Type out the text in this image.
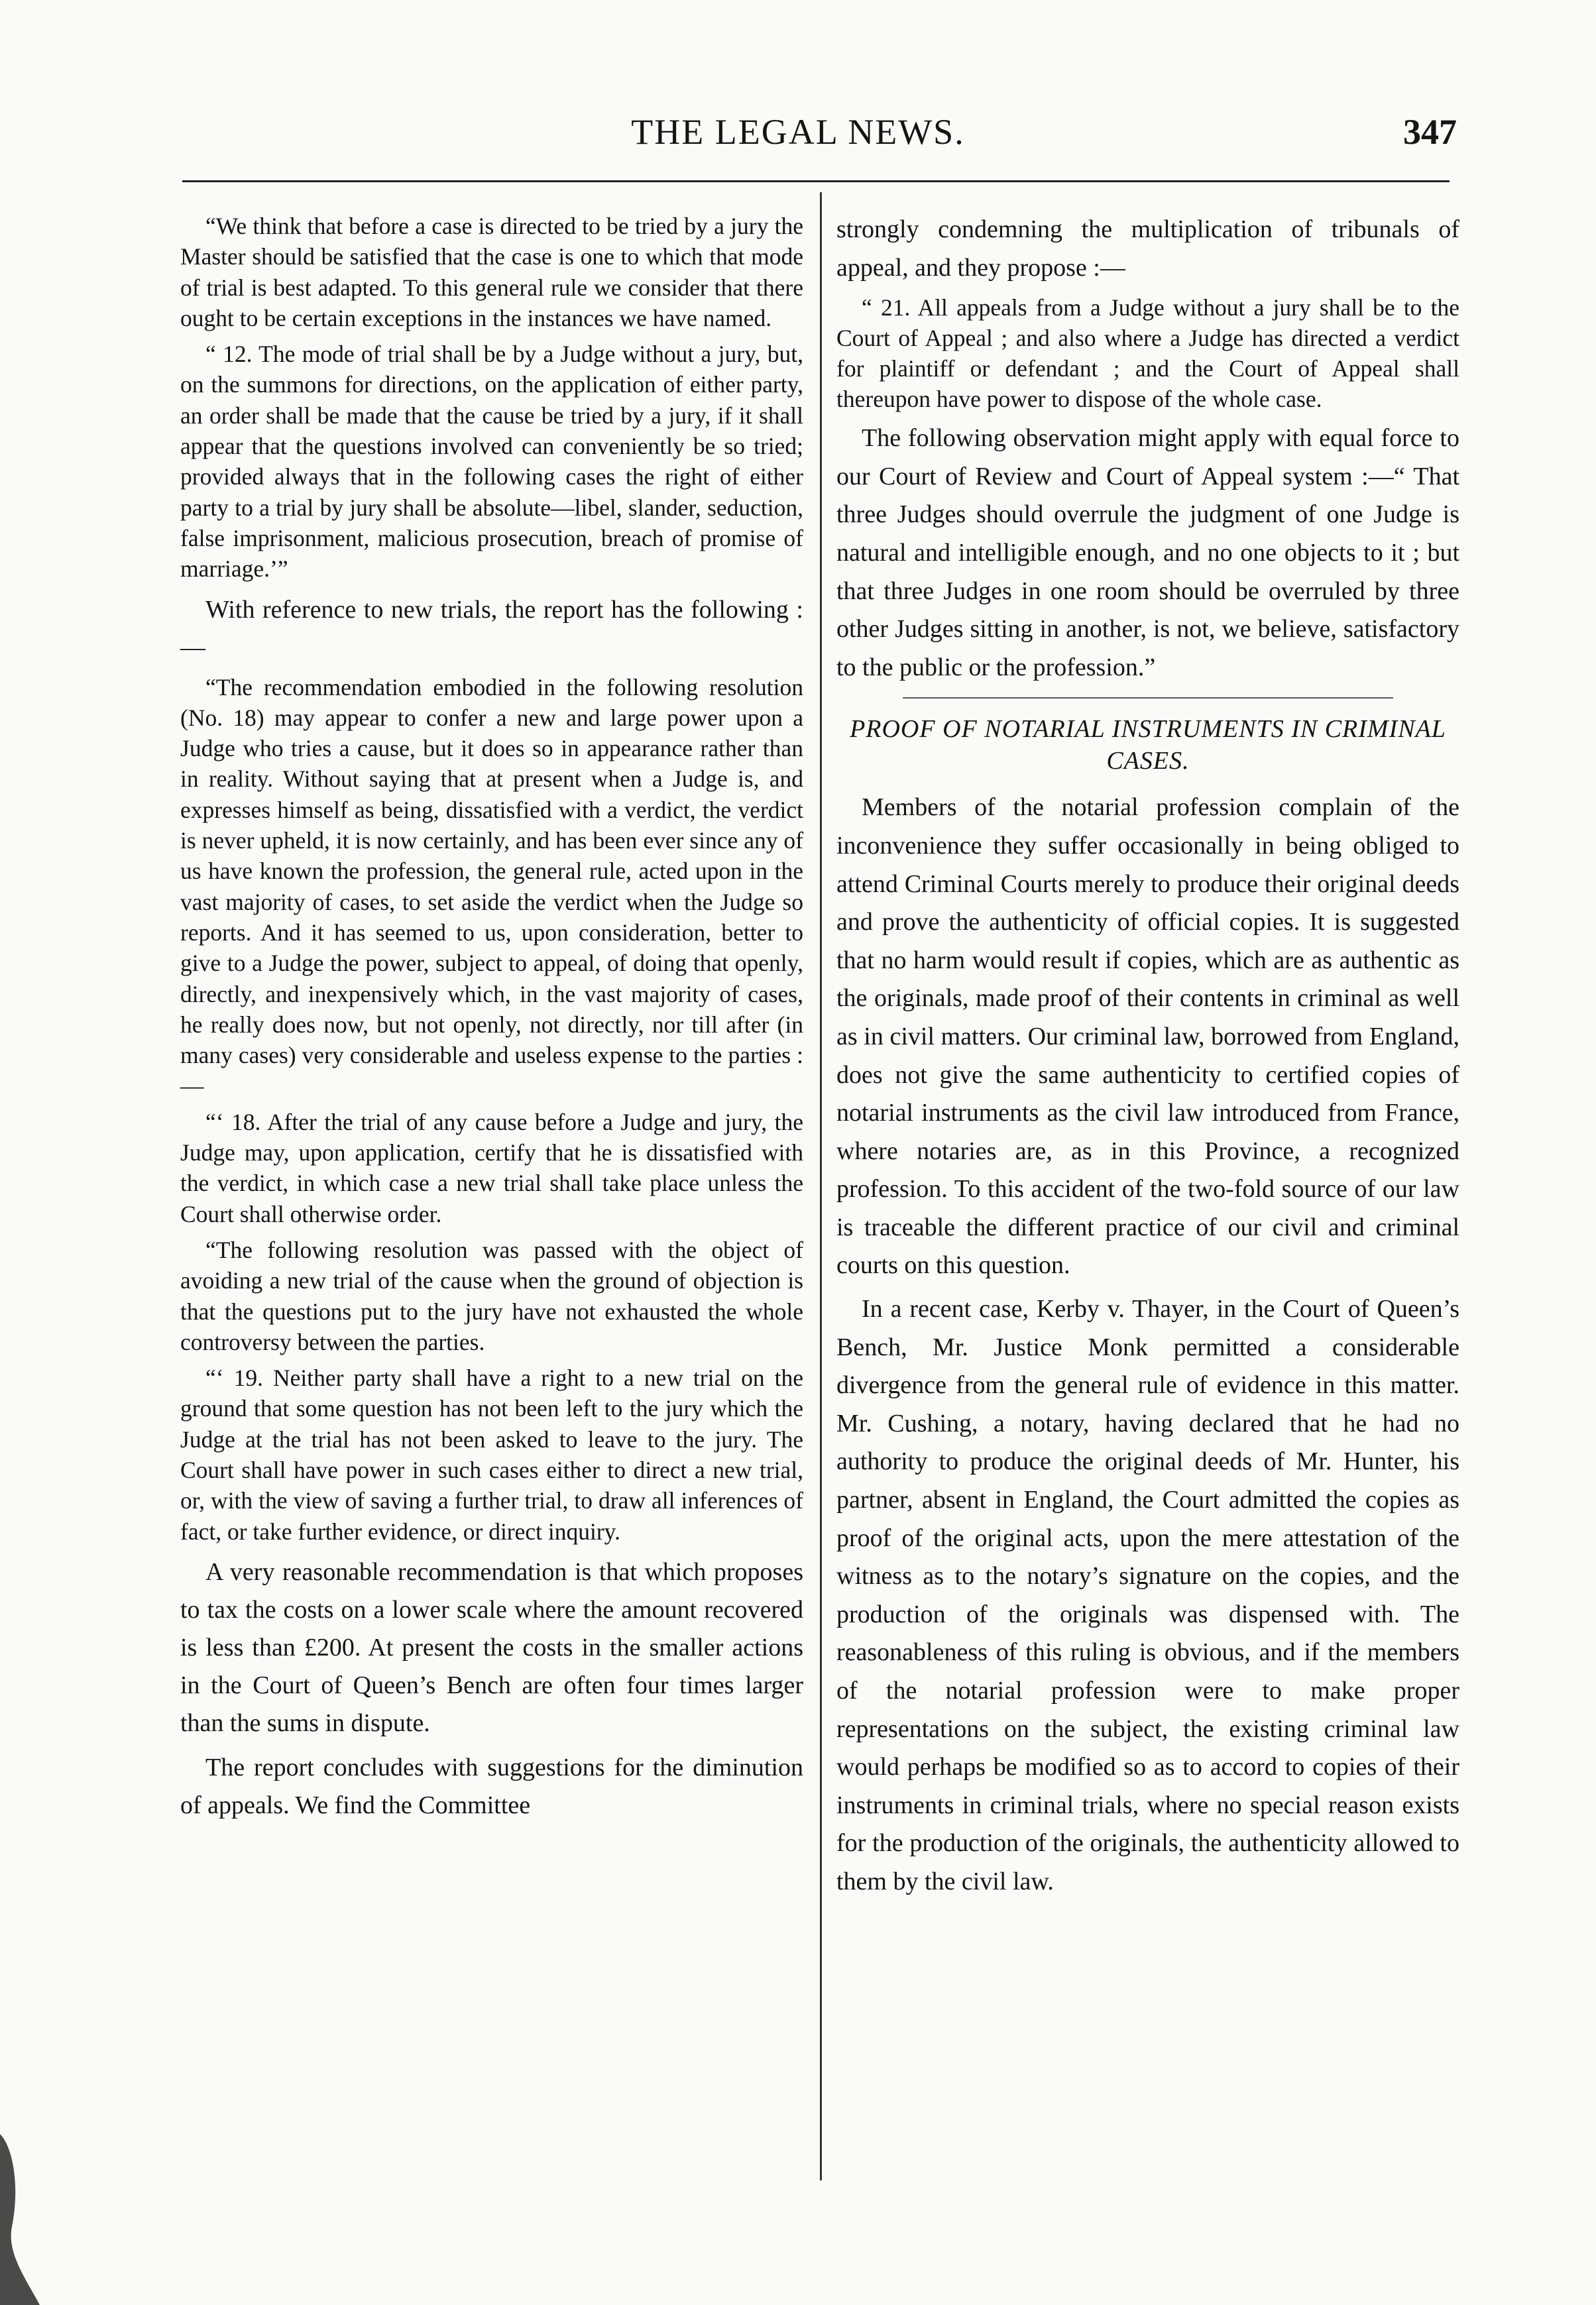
THE LEGAL NEWS.	347

“We think that before a case is directed to be tried by a jury the Master should be satisfied that the case is one to which that mode of trial is best adapted. To this general rule we consider that there ought to be certain exceptions in the instances we have named.

“ 12. The mode of trial shall be by a Judge without a jury, but, on the summons for directions, on the application of either party, an order shall be made that the cause be tried by a jury, if it shall appear that the questions involved can conveniently be so tried; provided always that in the following cases the right of either party to a trial by jury shall be absolute—libel, slander, seduction, false imprisonment, malicious prosecution, breach of promise of marriage.’”

With reference to new trials, the report has the following :—

“The recommendation embodied in the following resolution (No. 18) may appear to confer a new and large power upon a Judge who tries a cause, but it does so in appearance rather than in reality. Without saying that at present when a Judge is, and expresses himself as being, dissatisfied with a verdict, the verdict is never upheld, it is now certainly, and has been ever since any of us have known the profession, the general rule, acted upon in the vast majority of cases, to set aside the verdict when the Judge so reports. And it has seemed to us, upon consideration, better to give to a Judge the power, subject to appeal, of doing that openly, directly, and inexpensively which, in the vast majority of cases, he really does now, but not openly, not directly, nor till after (in many cases) very considerable and useless expense to the parties :—

“‘ 18. After the trial of any cause before a Judge and jury, the Judge may, upon application, certify that he is dissatisfied with the verdict, in which case a new trial shall take place unless the Court shall otherwise order.

“The following resolution was passed with the object of avoiding a new trial of the cause when the ground of objection is that the questions put to the jury have not exhausted the whole controversy between the parties.

“‘ 19. Neither party shall have a right to a new trial on the ground that some question has not been left to the jury which the Judge at the trial has not been asked to leave to the jury. The Court shall have power in such cases either to direct a new trial, or, with the view of saving a further trial, to draw all inferences of fact, or take further evidence, or direct inquiry.

A very reasonable recommendation is that which proposes to tax the costs on a lower scale where the amount recovered is less than £200. At present the costs in the smaller actions in the Court of Queen’s Bench are often four times larger than the sums in dispute.

The report concludes with suggestions for the diminution of appeals. We find the Committee

strongly condemning the multiplication of tribunals of appeal, and they propose :—

“ 21. All appeals from a Judge without a jury shall be to the Court of Appeal ; and also where a Judge has directed a verdict for plaintiff or defendant ; and the Court of Appeal shall thereupon have power to dispose of the whole case.

The following observation might apply with equal force to our Court of Review and Court of Appeal system :—“ That three Judges should overrule the judgment of one Judge is natural and intelligible enough, and no one objects to it ; but that three Judges in one room should be overruled by three other Judges sitting in another, is not, we believe, satisfactory to the public or the profession.”

PROOF OF NOTARIAL INSTRUMENTS IN CRIMINAL CASES.

Members of the notarial profession complain of the inconvenience they suffer occasionally in being obliged to attend Criminal Courts merely to produce their original deeds and prove the authenticity of official copies. It is suggested that no harm would result if copies, which are as authentic as the originals, made proof of their contents in criminal as well as in civil matters. Our criminal law, borrowed from England, does not give the same authenticity to certified copies of notarial instruments as the civil law introduced from France, where notaries are, as in this Province, a recognized profession. To this accident of the two-fold source of our law is traceable the different practice of our civil and criminal courts on this question.

In a recent case, Kerby v. Thayer, in the Court of Queen’s Bench, Mr. Justice Monk permitted a considerable divergence from the general rule of evidence in this matter. Mr. Cushing, a notary, having declared that he had no authority to produce the original deeds of Mr. Hunter, his partner, absent in England, the Court admitted the copies as proof of the original acts, upon the mere attestation of the witness as to the notary’s signature on the copies, and the production of the originals was dispensed with. The reasonableness of this ruling is obvious, and if the members of the notarial profession were to make proper representations on the subject, the existing criminal law would perhaps be modified so as to accord to copies of their instruments in criminal trials, where no special reason exists for the production of the originals, the authenticity allowed to them by the civil law.
